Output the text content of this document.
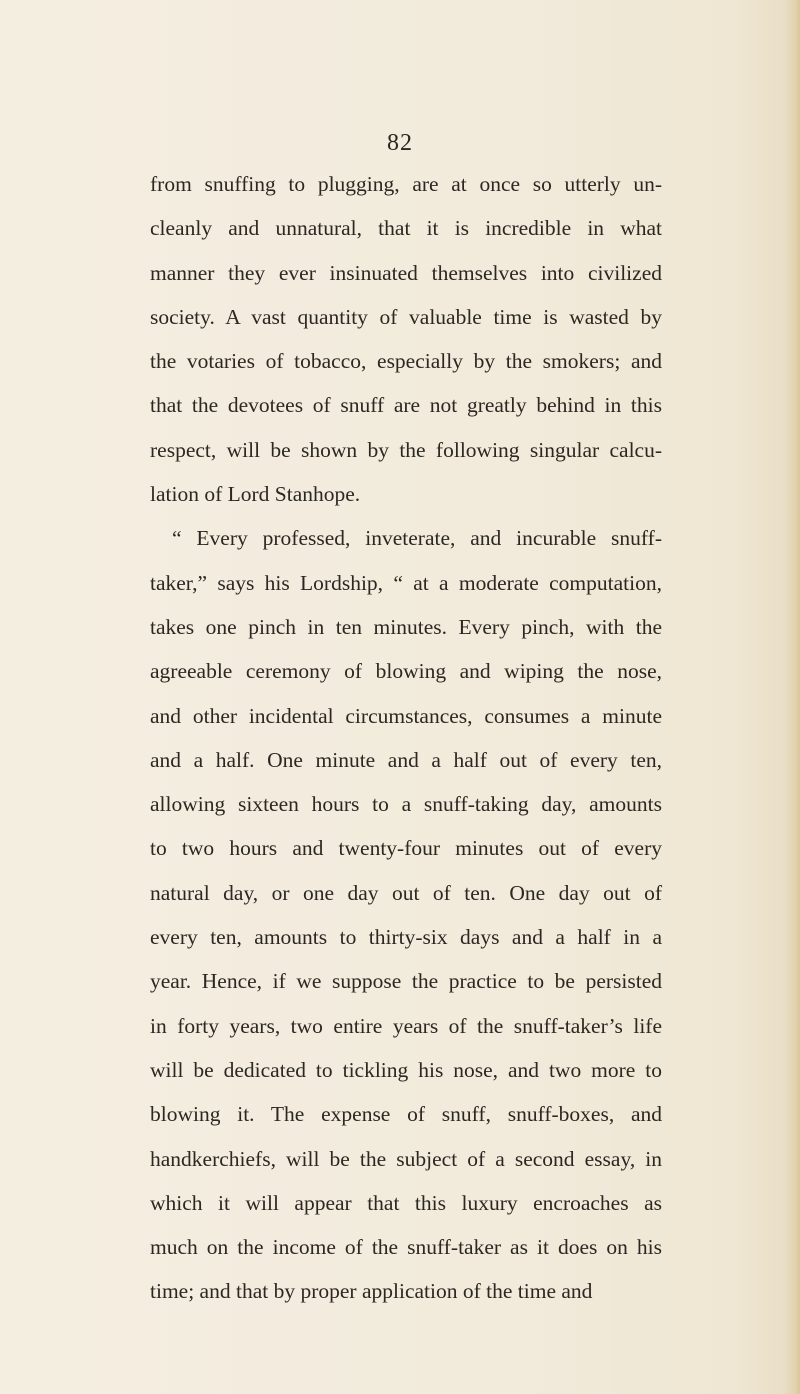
82
from snuffing to plugging, are at once so utterly un-
cleanly and unnatural, that it is incredible in what
manner they ever insinuated themselves into civilized
society. A vast quantity of valuable time is wasted by
the votaries of tobacco, especially by the smokers; and
that the devotees of snuff are not greatly behind in this
respect, will be shown by the following singular calcu-
lation of Lord Stanhope.
“ Every professed, inveterate, and incurable snuff-
taker,” says his Lordship, “ at a moderate computation,
takes one pinch in ten minutes. Every pinch, with the
agreeable ceremony of blowing and wiping the nose,
and other incidental circumstances, consumes a minute
and a half. One minute and a half out of every ten,
allowing sixteen hours to a snuff-taking day, amounts
to two hours and twenty-four minutes out of every
natural day, or one day out of ten. One day out of
every ten, amounts to thirty-six days and a half in a
year. Hence, if we suppose the practice to be persisted
in forty years, two entire years of the snuff-taker’s life
will be dedicated to tickling his nose, and two more to
blowing it. The expense of snuff, snuff-boxes, and
handkerchiefs, will be the subject of a second essay, in
which it will appear that this luxury encroaches as
much on the income of the snuff-taker as it does on his
time; and that by proper application of the time and
